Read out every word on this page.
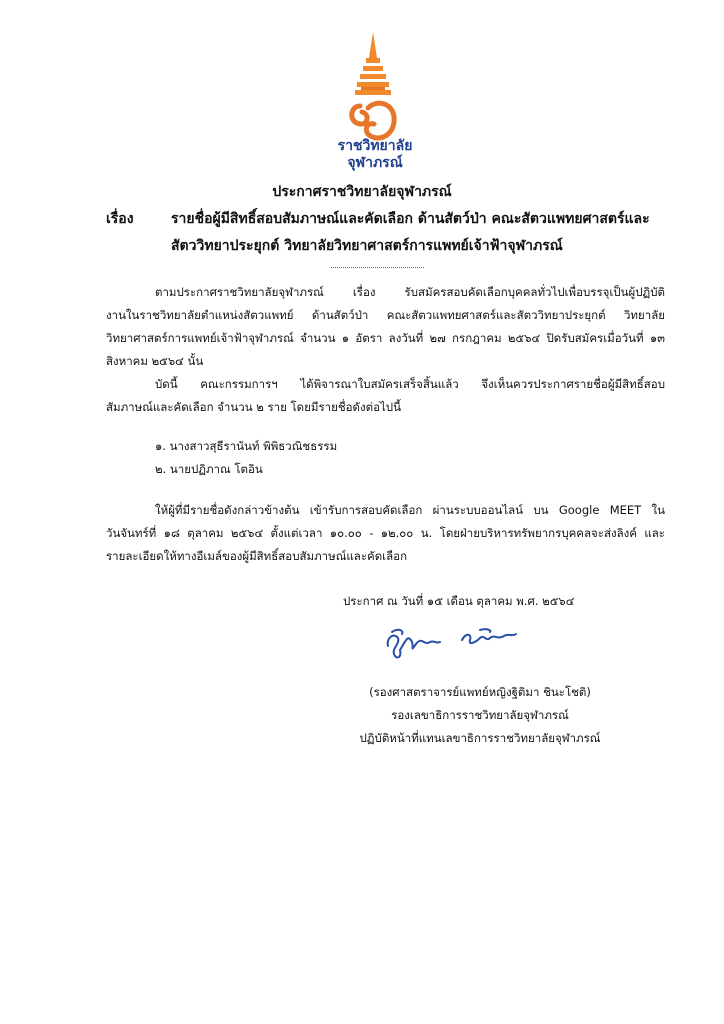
ราชวิทยาลัย
จุฬาภรณ์
ประกาศราชวิทยาลัยจุฬาภรณ์
เรื่อง	รายชื่อผู้มีสิทธิ์สอบสัมภาษณ์และคัดเลือก ด้านสัตว์ป่า คณะสัตวแพทยศาสตร์และ
สัตววิทยาประยุกต์ วิทยาลัยวิทยาศาสตร์การแพทย์เจ้าฟ้าจุฬาภรณ์
ตามประกาศราชวิทยาลัยจุฬาภรณ์ เรื่อง รับสมัครสอบคัดเลือกบุคคลทั่วไปเพื่อบรรจุเป็นผู้ปฏิบัติ
งานในราชวิทยาลัยตำแหน่งสัตวแพทย์ ด้านสัตว์ป่า คณะสัตวแพทยศาสตร์และสัตววิทยาประยุกต์ วิทยาลัย
วิทยาศาสตร์การแพทย์เจ้าฟ้าจุฬาภรณ์ จำนวน ๑ อัตรา ลงวันที่ ๒๗ กรกฎาคม ๒๕๖๔ ปิดรับสมัครเมื่อวันที่ ๑๓
สิงหาคม ๒๕๖๔ นั้น
บัดนี้ คณะกรรมการฯ ได้พิจารณาใบสมัครเสร็จสิ้นแล้ว จึงเห็นควรประกาศรายชื่อผู้มีสิทธิ์สอบ
สัมภาษณ์และคัดเลือก จำนวน ๒ ราย โดยมีรายชื่อดังต่อไปนี้
๑. นางสาวสุธีรานันท์ พิพิธวณิชธรรม
๒. นายปฏิภาณ โตอิน
ให้ผู้ที่มีรายชื่อดังกล่าวข้างต้น เข้ารับการสอบคัดเลือก ผ่านระบบออนไลน์ บน Google MEET ใน
วันจันทร์ที่ ๑๘ ตุลาคม ๒๕๖๔ ตั้งแต่เวลา ๑๐.๐๐ - ๑๒.๐๐ น. โดยฝ่ายบริหารทรัพยากรบุคคลจะส่งลิงค์ และ
รายละเอียดให้ทางอีเมล์ของผู้มีสิทธิ์สอบสัมภาษณ์และคัดเลือก
ประกาศ ณ วันที่ ๑๕ เดือน ตุลาคม พ.ศ. ๒๕๖๔
(รองศาสตราจารย์แพทย์หญิงฐิติมา ชินะโชติ)
รองเลขาธิการราชวิทยาลัยจุฬาภรณ์
ปฏิบัติหน้าที่แทนเลขาธิการราชวิทยาลัยจุฬาภรณ์
